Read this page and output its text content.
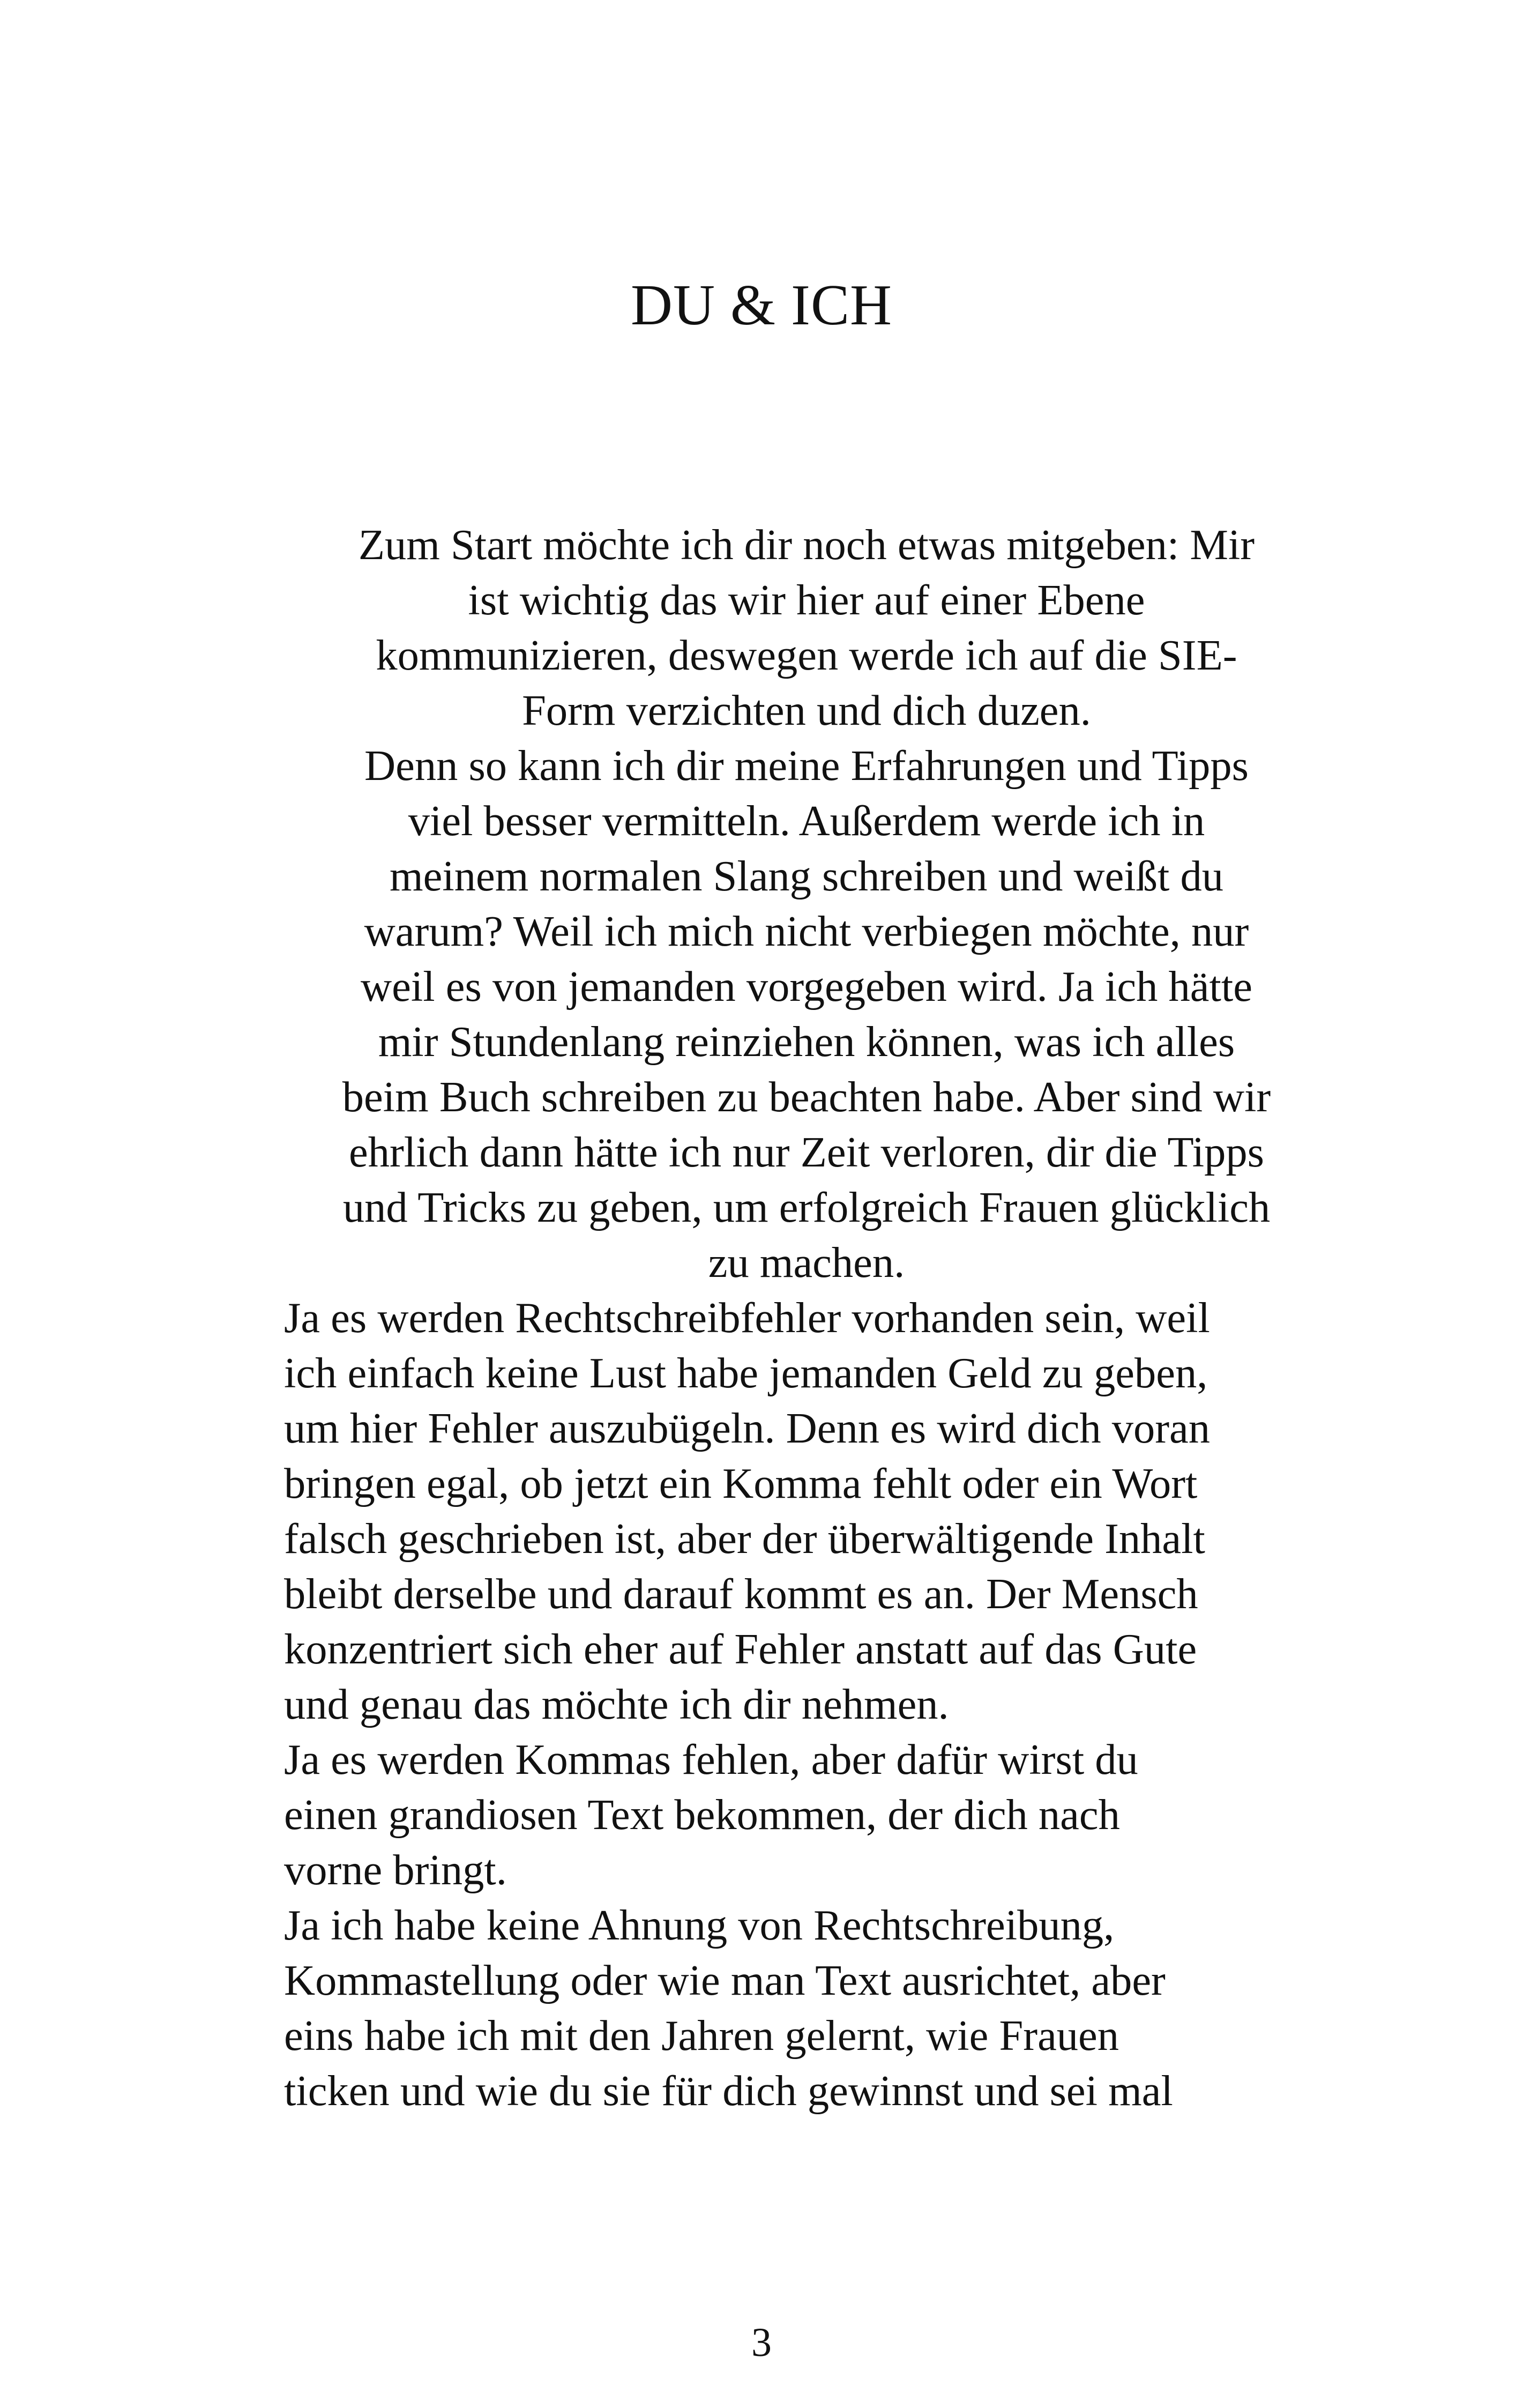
DU & ICH
Zum Start möchte ich dir noch etwas mitgeben: Mir
ist wichtig das wir hier auf einer Ebene
kommunizieren, deswegen werde ich auf die SIE-
Form verzichten und dich duzen.
Denn so kann ich dir meine Erfahrungen und Tipps
viel besser vermitteln. Außerdem werde ich in
meinem normalen Slang schreiben und weißt du
warum? Weil ich mich nicht verbiegen möchte, nur
weil es von jemanden vorgegeben wird. Ja ich hätte
mir Stundenlang reinziehen können, was ich alles
beim Buch schreiben zu beachten habe. Aber sind wir
ehrlich dann hätte ich nur Zeit verloren, dir die Tipps
und Tricks zu geben, um erfolgreich Frauen glücklich
zu machen.
Ja es werden Rechtschreibfehler vorhanden sein, weil
ich einfach keine Lust habe jemanden Geld zu geben,
um hier Fehler auszubügeln. Denn es wird dich voran
bringen egal, ob jetzt ein Komma fehlt oder ein Wort
falsch geschrieben ist, aber der überwältigende Inhalt
bleibt derselbe und darauf kommt es an. Der Mensch
konzentriert sich eher auf Fehler anstatt auf das Gute
und genau das möchte ich dir nehmen.
Ja es werden Kommas fehlen, aber dafür wirst du
einen grandiosen Text bekommen, der dich nach
vorne bringt.
Ja ich habe keine Ahnung von Rechtschreibung,
Kommastellung oder wie man Text ausrichtet, aber
eins habe ich mit den Jahren gelernt, wie Frauen
ticken und wie du sie für dich gewinnst und sei mal
3
